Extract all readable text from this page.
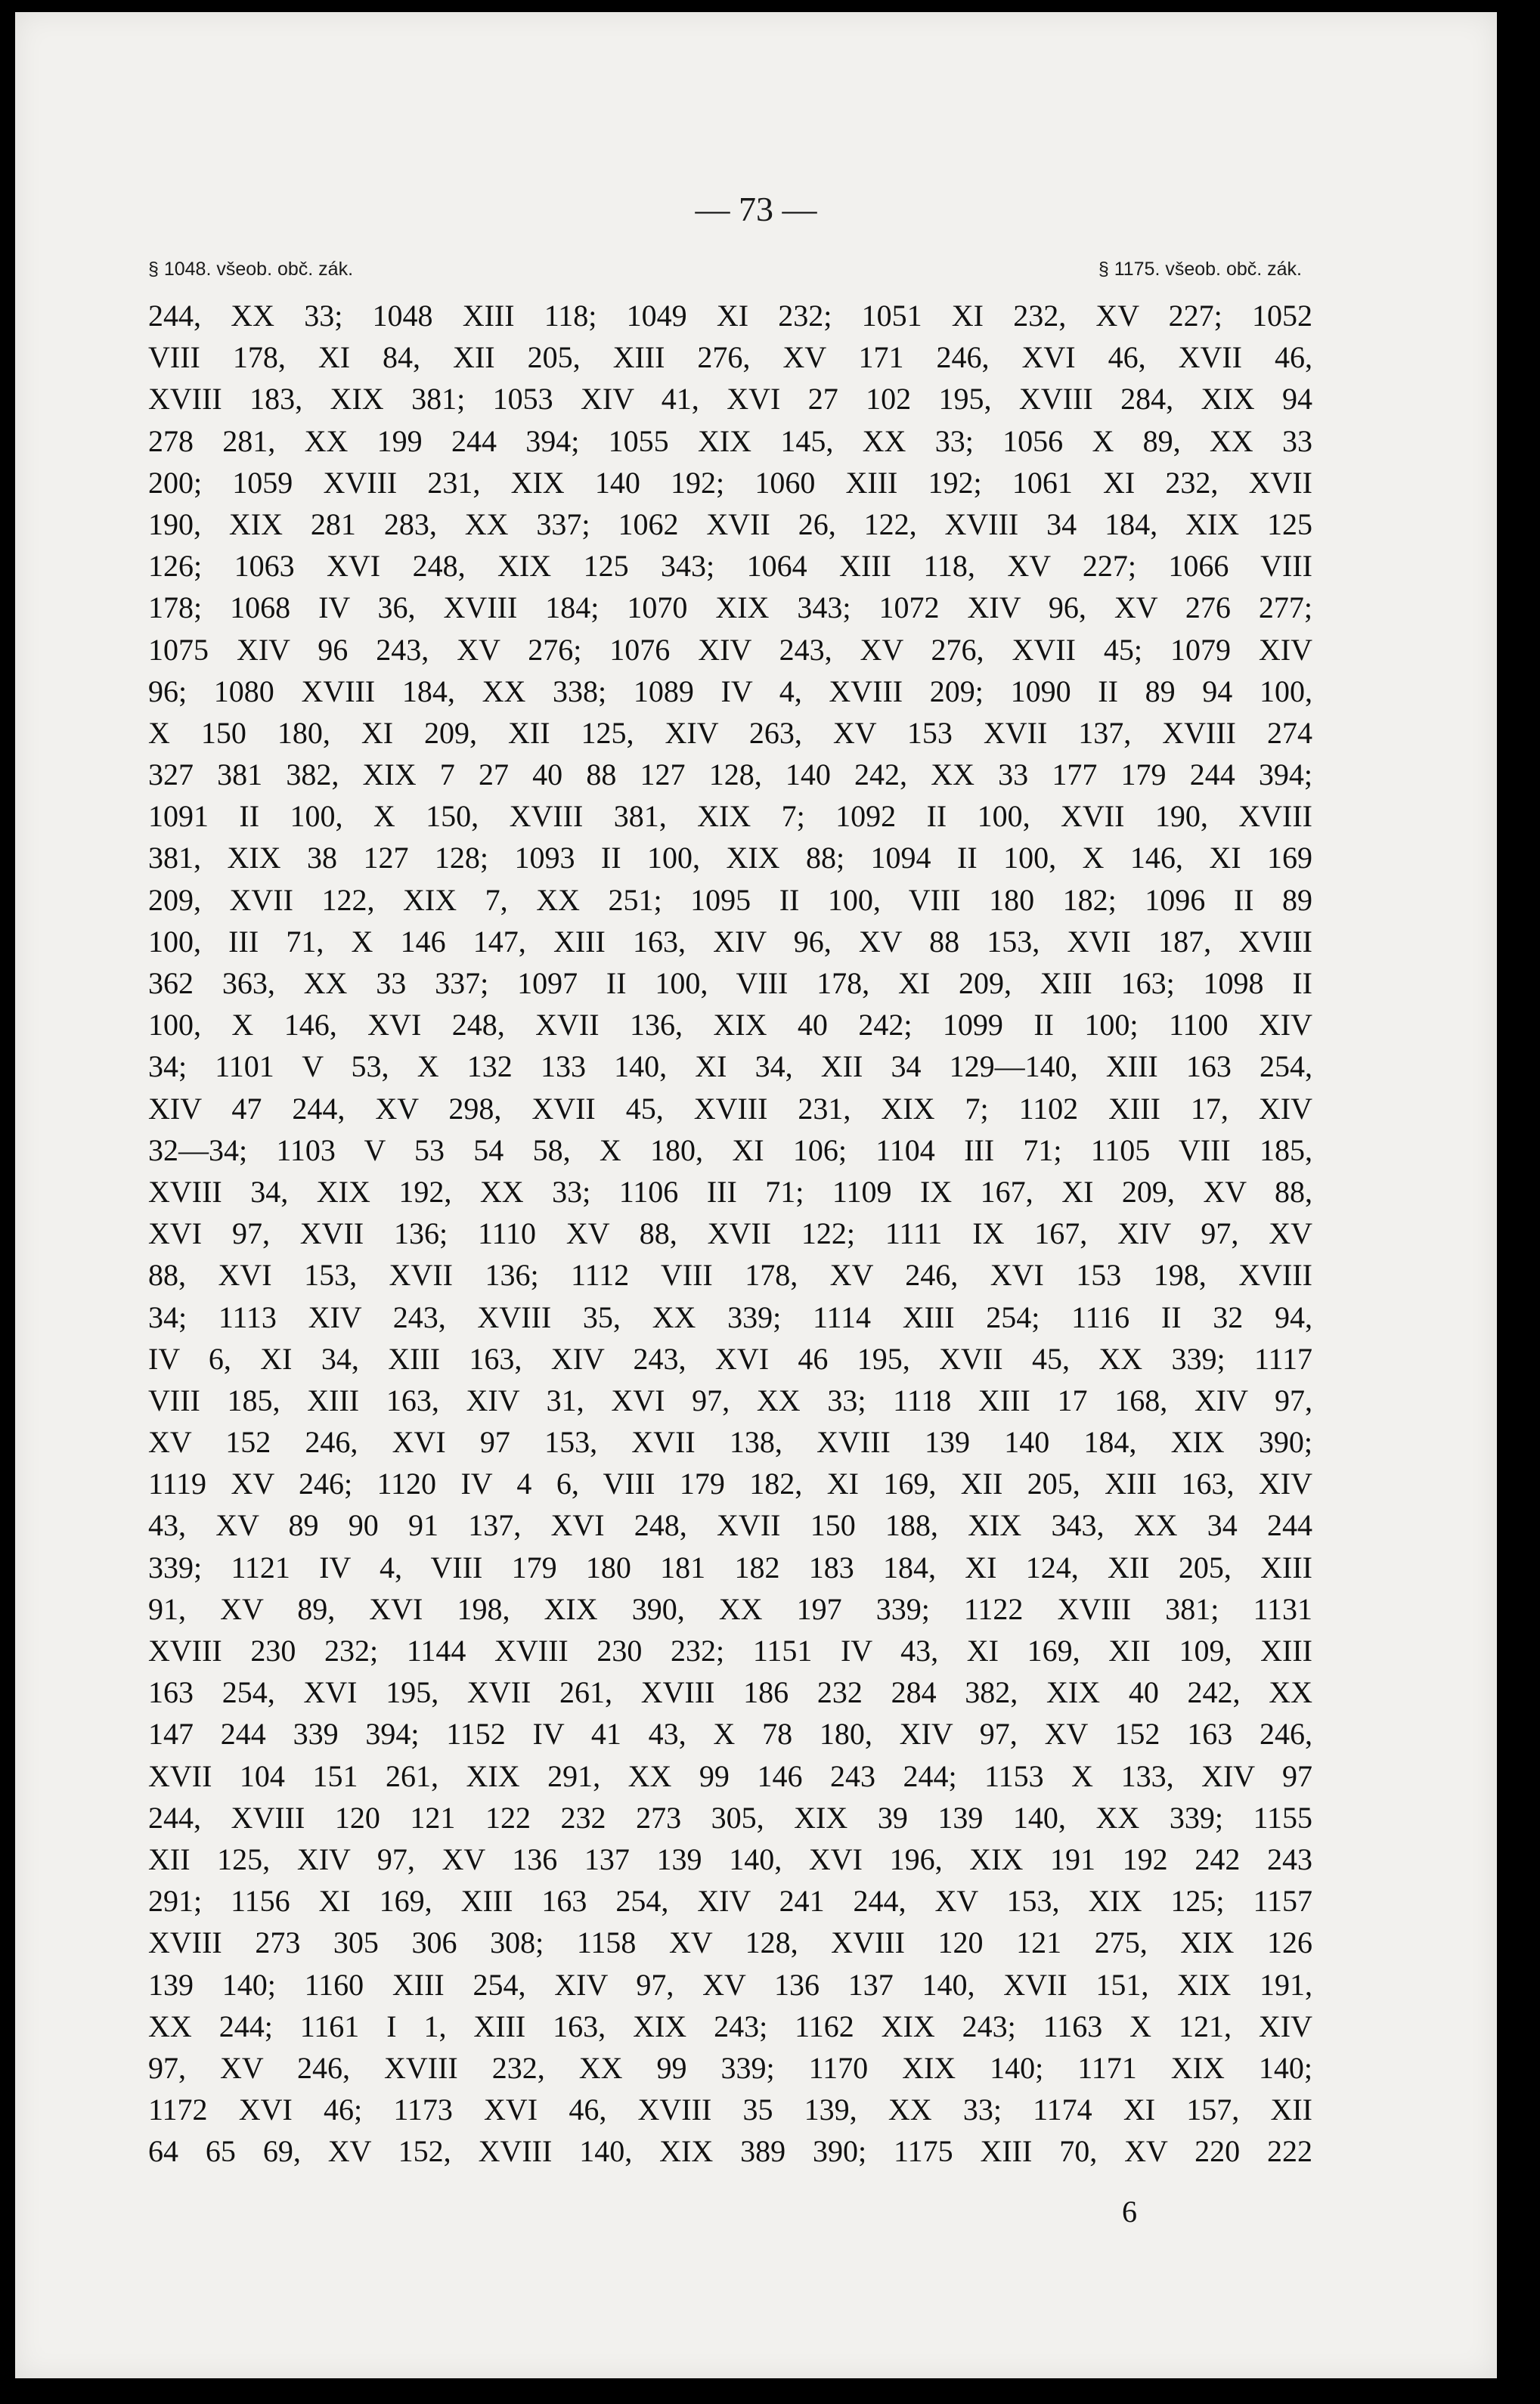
— 73 —
§ 1048. všeob. obč. zák.	§ 1175. všeob. obč. zák.
244, XX 33; 1048 XIII 118; 1049 XI 232; 1051 XI 232, XV 227; 1052
VIII 178, XI 84, XII 205, XIII 276, XV 171 246, XVI 46, XVII 46,
XVIII 183, XIX 381; 1053 XIV 41, XVI 27 102 195, XVIII 284, XIX 94
278 281, XX 199 244 394; 1055 XIX 145, XX 33; 1056 X 89, XX 33
200; 1059 XVIII 231, XIX 140 192; 1060 XIII 192; 1061 XI 232, XVII
190, XIX 281 283, XX 337; 1062 XVII 26, 122, XVIII 34 184, XIX 125
126; 1063 XVI 248, XIX 125 343; 1064 XIII 118, XV 227; 1066 VIII
178; 1068 IV 36, XVIII 184; 1070 XIX 343; 1072 XIV 96, XV 276 277;
1075 XIV 96 243, XV 276; 1076 XIV 243, XV 276, XVII 45; 1079 XIV
96; 1080 XVIII 184, XX 338; 1089 IV 4, XVIII 209; 1090 II 89 94 100,
X 150 180, XI 209, XII 125, XIV 263, XV 153 XVII 137, XVIII 274
327 381 382, XIX 7 27 40 88 127 128, 140 242, XX 33 177 179 244 394;
1091 II 100, X 150, XVIII 381, XIX 7; 1092 II 100, XVII 190, XVIII
381, XIX 38 127 128; 1093 II 100, XIX 88; 1094 II 100, X 146, XI 169
209, XVII 122, XIX 7, XX 251; 1095 II 100, VIII 180 182; 1096 II 89
100, III 71, X 146 147, XIII 163, XIV 96, XV 88 153, XVII 187, XVIII
362 363, XX 33 337; 1097 II 100, VIII 178, XI 209, XIII 163; 1098 II
100, X 146, XVI 248, XVII 136, XIX 40 242; 1099 II 100; 1100 XIV
34; 1101 V 53, X 132 133 140, XI 34, XII 34 129—140, XIII 163 254,
XIV 47 244, XV 298, XVII 45, XVIII 231, XIX 7; 1102 XIII 17, XIV
32—34; 1103 V 53 54 58, X 180, XI 106; 1104 III 71; 1105 VIII 185,
XVIII 34, XIX 192, XX 33; 1106 III 71; 1109 IX 167, XI 209, XV 88,
XVI 97, XVII 136; 1110 XV 88, XVII 122; 1111 IX 167, XIV 97, XV
88, XVI 153, XVII 136; 1112 VIII 178, XV 246, XVI 153 198, XVIII
34; 1113 XIV 243, XVIII 35, XX 339; 1114 XIII 254; 1116 II 32 94,
IV 6, XI 34, XIII 163, XIV 243, XVI 46 195, XVII 45, XX 339; 1117
VIII 185, XIII 163, XIV 31, XVI 97, XX 33; 1118 XIII 17 168, XIV 97,
XV 152 246, XVI 97 153, XVII 138, XVIII 139 140 184, XIX 390;
1119 XV 246; 1120 IV 4 6, VIII 179 182, XI 169, XII 205, XIII 163, XIV
43, XV 89 90 91 137, XVI 248, XVII 150 188, XIX 343, XX 34 244
339; 1121 IV 4, VIII 179 180 181 182 183 184, XI 124, XII 205, XIII
91, XV 89, XVI 198, XIX 390, XX 197 339; 1122 XVIII 381; 1131
XVIII 230 232; 1144 XVIII 230 232; 1151 IV 43, XI 169, XII 109, XIII
163 254, XVI 195, XVII 261, XVIII 186 232 284 382, XIX 40 242, XX
147 244 339 394; 1152 IV 41 43, X 78 180, XIV 97, XV 152 163 246,
XVII 104 151 261, XIX 291, XX 99 146 243 244; 1153 X 133, XIV 97
244, XVIII 120 121 122 232 273 305, XIX 39 139 140, XX 339; 1155
XII 125, XIV 97, XV 136 137 139 140, XVI 196, XIX 191 192 242 243
291; 1156 XI 169, XIII 163 254, XIV 241 244, XV 153, XIX 125; 1157
XVIII 273 305 306 308; 1158 XV 128, XVIII 120 121 275, XIX 126
139 140; 1160 XIII 254, XIV 97, XV 136 137 140, XVII 151, XIX 191,
XX 244; 1161 I 1, XIII 163, XIX 243; 1162 XIX 243; 1163 X 121, XIV
97, XV 246, XVIII 232, XX 99 339; 1170 XIX 140; 1171 XIX 140;
1172 XVI 46; 1173 XVI 46, XVIII 35 139, XX 33; 1174 XI 157, XII
64 65 69, XV 152, XVIII 140, XIX 389 390; 1175 XIII 70, XV 220 222
6
